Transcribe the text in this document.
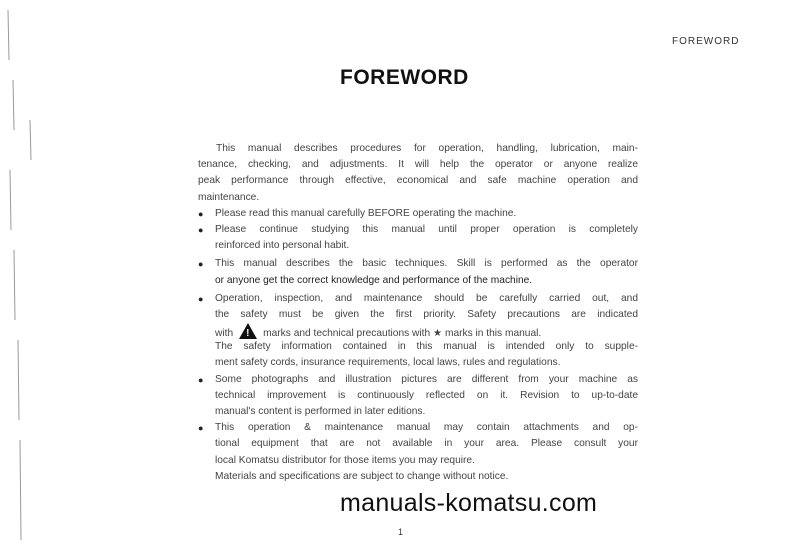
FOREWORD
FOREWORD
This manual describes procedures for operation, handling, lubrication, main-
tenance, checking, and adjustments. It will help the operator or anyone realize
peak performance through effective, economical and safe machine operation and
maintenance.
● Please read this manual carefully BEFORE operating the machine.
● Please continue studying this manual until proper operation is completely
reinforced into personal habit.
● This manual describes the basic techniques. Skill is performed as the operator
or anyone get the correct knowledge and performance of the machine.
● Operation, inspection, and maintenance should be carefully carried out, and
the safety must be given the first priority. Safety precautions are indicated
with ! marks and technical precautions with ★ marks in this manual.
The safety information contained in this manual is intended only to supple-
ment safety cords, insurance requirements, local laws, rules and regulations.
● Some photographs and illustration pictures are different from your machine as
technical improvement is continuously reflected on it. Revision to up-to-date
manual's content is performed in later editions.
● This operation & maintenance manual may contain attachments and op-
tional equipment that are not available in your area. Please consult your
local Komatsu distributor for those items you may require.
Materials and specifications are subject to change without notice.
manuals-komatsu.com
1
